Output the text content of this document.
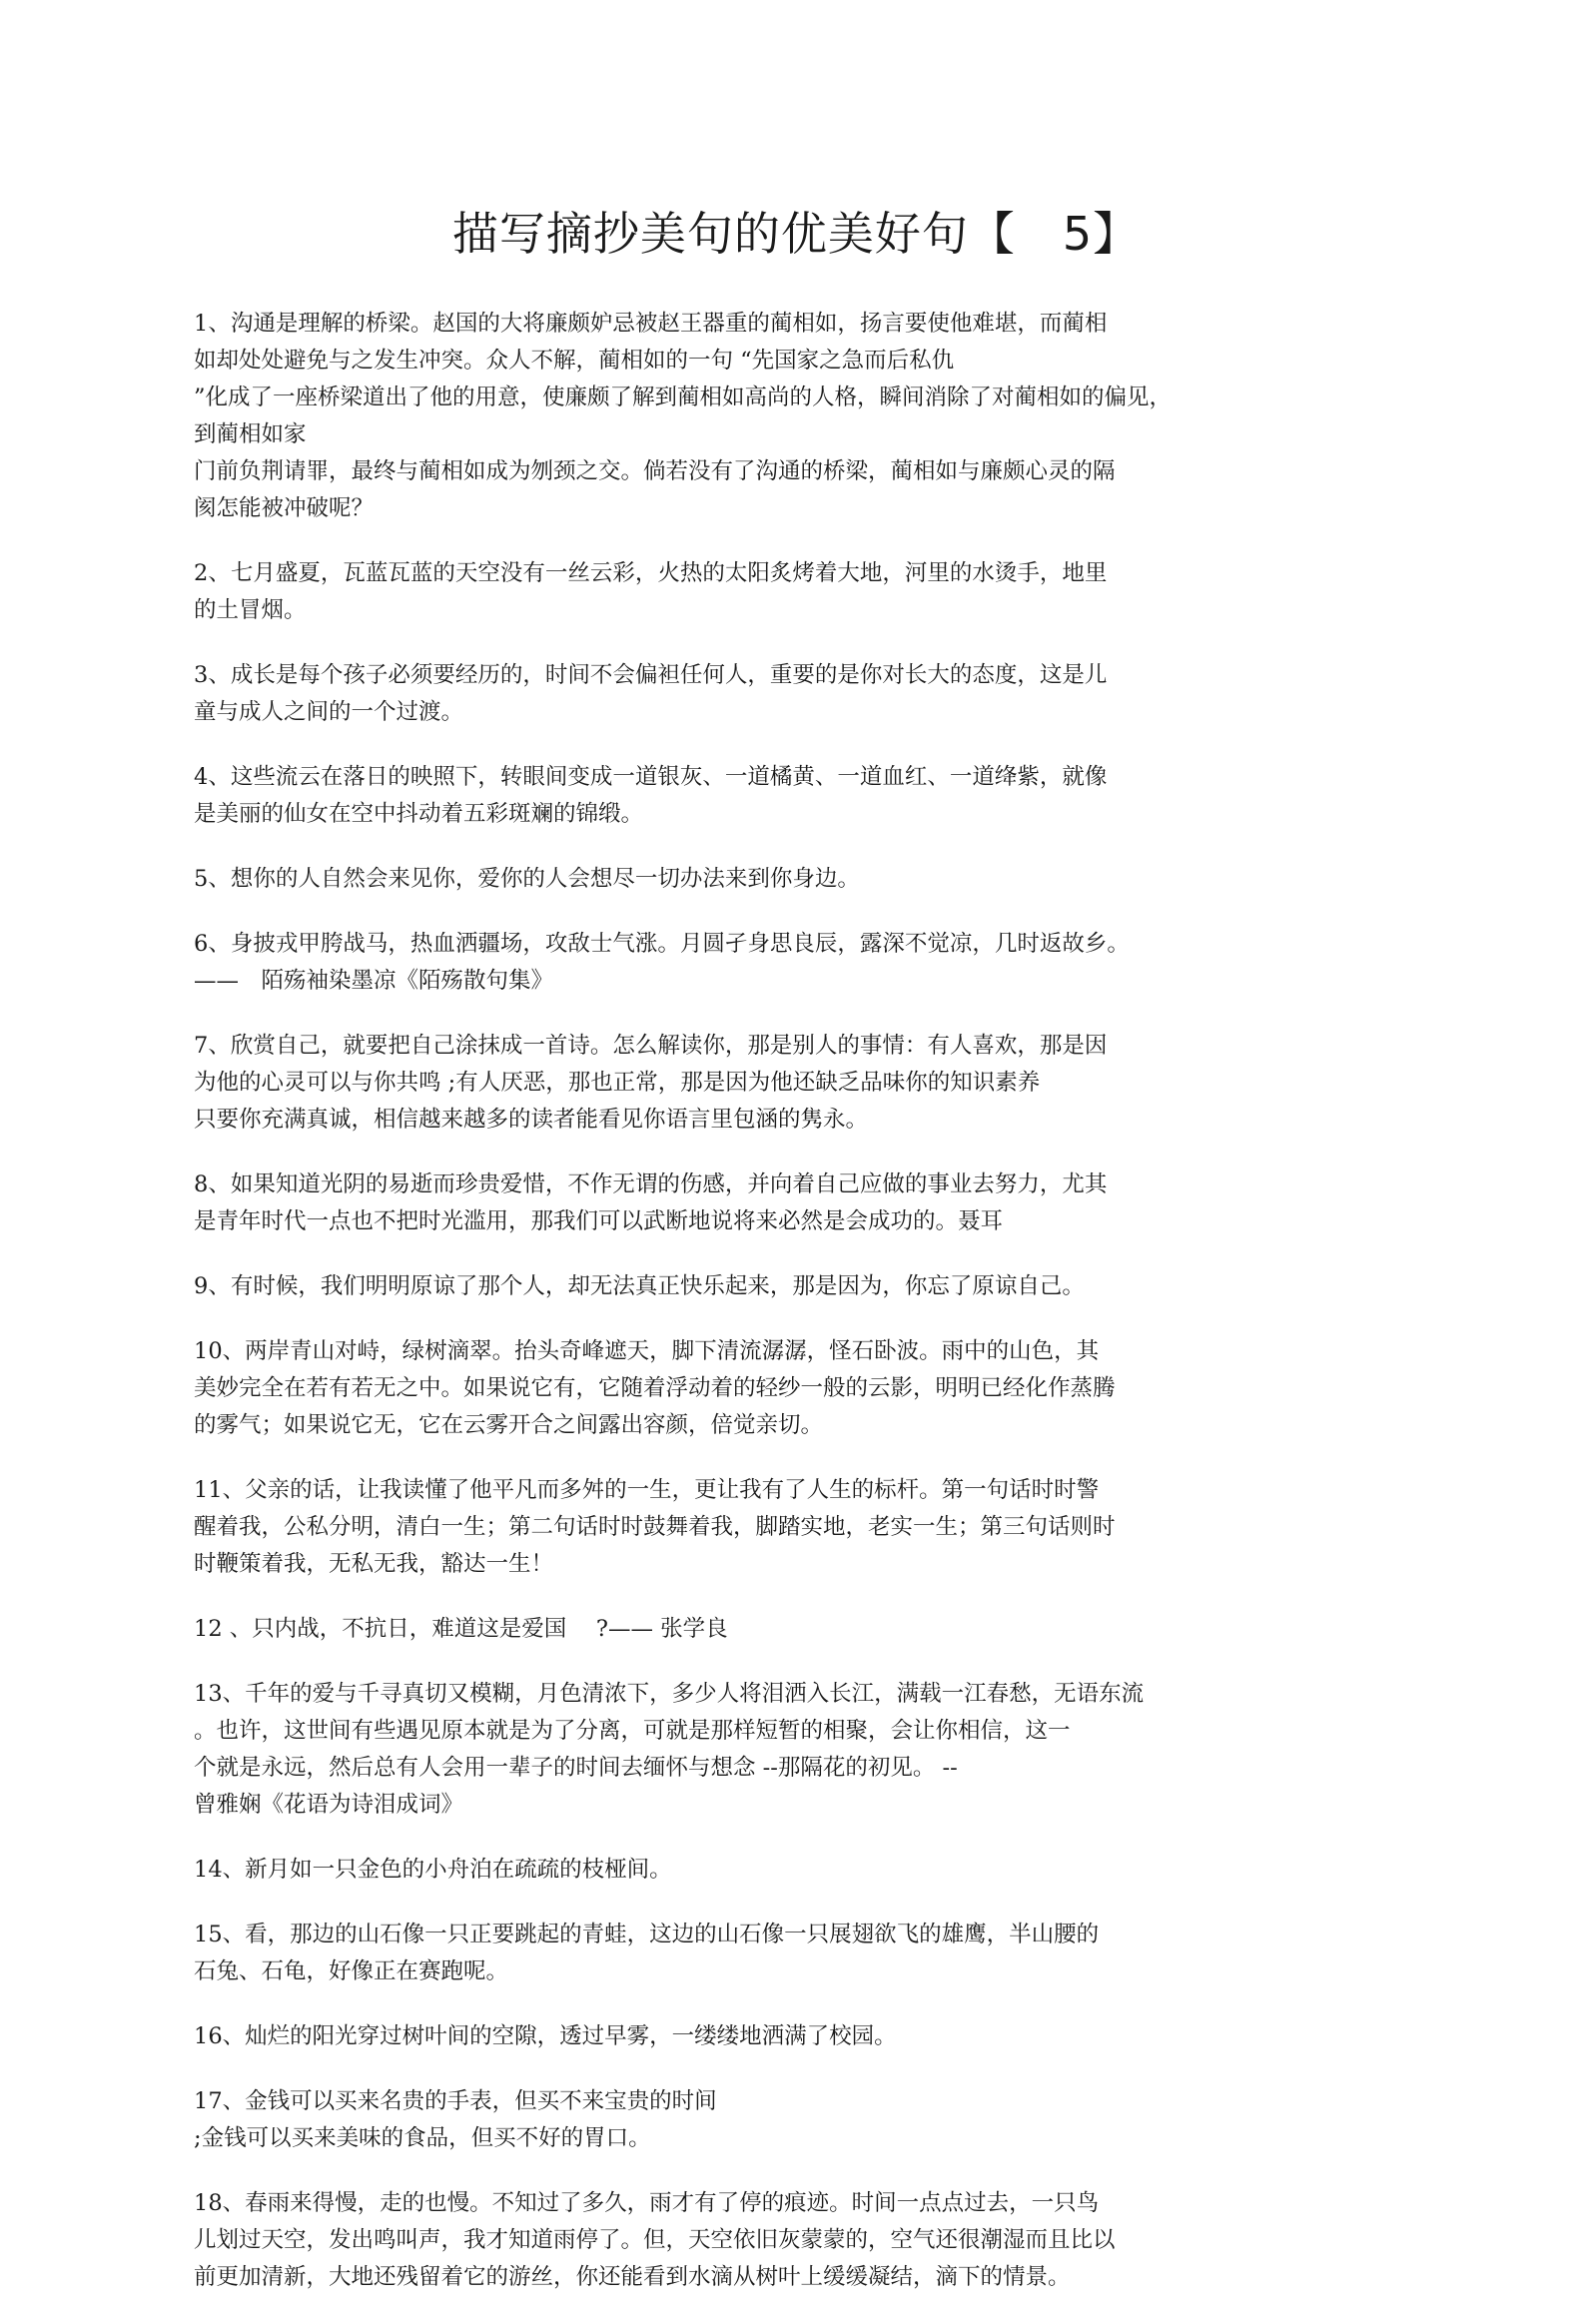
描写摘抄美句的优美好句【　5】
1、沟通是理解的桥梁。赵国的大将廉颇妒忌被赵王器重的蔺相如，扬言要使他难堪，而蔺相
如却处处避免与之发生冲突。众人不解，蔺相如的一句 “先国家之急而后私仇
”化成了一座桥梁道出了他的用意，使廉颇了解到蔺相如高尚的人格，瞬间消除了对蔺相如的偏见，
到蔺相如家
门前负荆请罪，最终与蔺相如成为刎颈之交。倘若没有了沟通的桥梁，蔺相如与廉颇心灵的隔
阂怎能被冲破呢？
2、七月盛夏，瓦蓝瓦蓝的天空没有一丝云彩，火热的太阳炙烤着大地，河里的水烫手，地里
的土冒烟。
3、成长是每个孩子必须要经历的，时间不会偏袒任何人，重要的是你对长大的态度，这是儿
童与成人之间的一个过渡。
4、这些流云在落日的映照下，转眼间变成一道银灰、一道橘黄、一道血红、一道绛紫，就像
是美丽的仙女在空中抖动着五彩斑斓的锦缎。
5、想你的人自然会来见你，爱你的人会想尽一切办法来到你身边。
6、身披戎甲胯战马，热血洒疆场，攻敌士气涨。月圆孑身思良辰，露深不觉凉，几时返故乡。
——　陌殇袖染墨凉《陌殇散句集》
7、欣赏自己，就要把自己涂抹成一首诗。怎么解读你，那是别人的事情：有人喜欢，那是因
为他的心灵可以与你共鸣 ;有人厌恶，那也正常，那是因为他还缺乏品味你的知识素养
只要你充满真诚，相信越来越多的读者能看见你语言里包涵的隽永。
8、如果知道光阴的易逝而珍贵爱惜，不作无谓的伤感，并向着自己应做的事业去努力，尤其
是青年时代一点也不把时光滥用，那我们可以武断地说将来必然是会成功的。聂耳
9、有时候，我们明明原谅了那个人，却无法真正快乐起来，那是因为，你忘了原谅自己。
10、两岸青山对峙，绿树滴翠。抬头奇峰遮天，脚下清流潺潺，怪石卧波。雨中的山色，其
美妙完全在若有若无之中。如果说它有，它随着浮动着的轻纱一般的云影，明明已经化作蒸腾
的雾气；如果说它无，它在云雾开合之间露出容颜，倍觉亲切。
11、父亲的话，让我读懂了他平凡而多舛的一生，更让我有了人生的标杆。第一句话时时警
醒着我，公私分明，清白一生；第二句话时时鼓舞着我，脚踏实地，老实一生；第三句话则时
时鞭策着我，无私无我，豁达一生！
12 、只内战，不抗日，难道这是爱国　 ?—— 张学良
13、千年的爱与千寻真切又模糊，月色清浓下，多少人将泪洒入长江，满载一江春愁，无语东流
。也许，这世间有些遇见原本就是为了分离，可就是那样短暂的相聚，会让你相信，这一
个就是永远，然后总有人会用一辈子的时间去缅怀与想念 --那隔花的初见。 --
曾雅娴《花语为诗泪成词》
14、新月如一只金色的小舟泊在疏疏的枝桠间。
15、看，那边的山石像一只正要跳起的青蛙，这边的山石像一只展翅欲飞的雄鹰，半山腰的
石兔、石龟，好像正在赛跑呢。
16、灿烂的阳光穿过树叶间的空隙，透过早雾，一缕缕地洒满了校园。
17、金钱可以买来名贵的手表，但买不来宝贵的时间
;金钱可以买来美味的食品，但买不好的胃口。
18、春雨来得慢，走的也慢。不知过了多久，雨才有了停的痕迹。时间一点点过去，一只鸟
儿划过天空，发出鸣叫声，我才知道雨停了。但，天空依旧灰蒙蒙的，空气还很潮湿而且比以
前更加清新，大地还残留着它的游丝，你还能看到水滴从树叶上缓缓凝结，滴下的情景。
